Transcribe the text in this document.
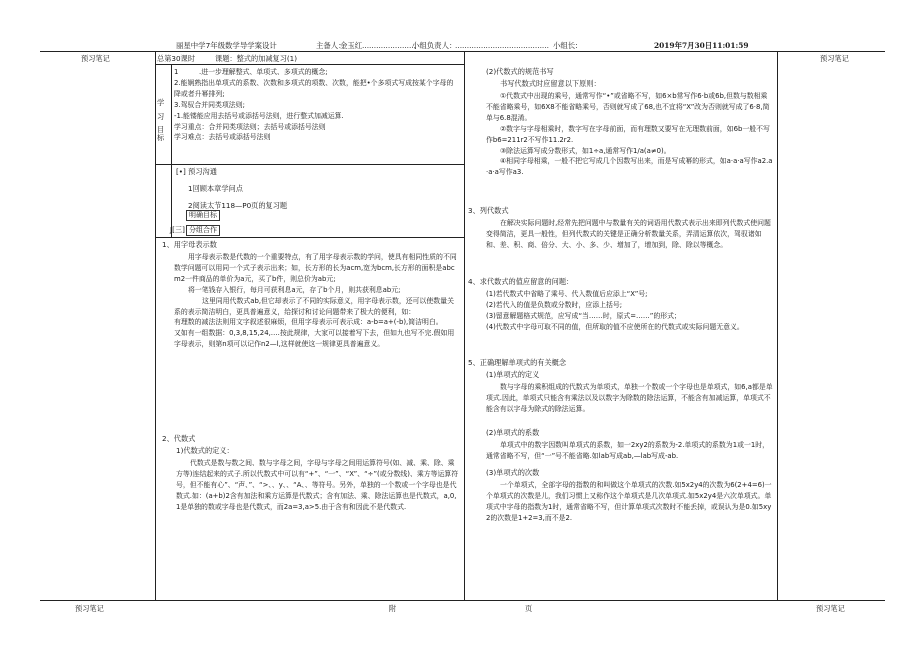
丽星中学7年级数学导学案设计	主备人：
金玉红 .......................
小组负责人：
........................................ 小组长:	2019年7月30日11:01:59
预习笔记	预习笔记
预习笔记	附	页	预习笔记
总第30课时	课题：整式的加减复习(1)
学
习
目
标

1　　　.进一步理解整式、单项式、多项式的概念;

2.能娴熟指出单项式的系数、次数和多项式的项数、次数，能把•个多项式写成按某个字母的降或者升幂排列;

3.驾驭合并同类项法则;

-1.能镂能应用去括号或添括号法则，进行整式加减运算.

学习重点：合并同类项法则；去括号或添括号法则

学习难点：去括号或添括号法则

[•] 预习沟通
1回顾本章学问点
2阅读太节118—P0页的复习题
明确目标
J[三] 分组合作
1、用字母表示数

用字母表示数是代数的一个重要特点，有了用字母表示数的学问，使具有相同性质的不同数学问题可以用同一个式子表示出来；如，长方形的长为acm,宽为bcm,长方形的面积是abcm2一件商品的单价为a元，买了b件，则总价为ab元;

将一笔钱存入银行，每月可获利息a元，存了b个月，则共获利息ab元;

这里同用代数式ab,但它却表示了不同的实际意义，用字母表示数，还可以使数量关系的表示简洁明白，更具普遍意义，给探讨和讨论问题带来了极大的便利，如：

有理数的减法法则用文字叙述很麻烦，但用字母表示可表示成：a-b=a+(-b),简洁明白。

又如有一组数据：0,3,8,15,24,….按此规律，大家可以接着写下去，但如九也写不完.假如用字母表示，则第n项可以记作n2—l,这样就使这一规律更具普遍意义。

2、代数式
1)代数式的定义：

代数式是数与数之间、数与字母之间，字母与字母之间用运算符号(如、减、乘、除、乘方等)连结起来的式子.所以代数式中可以有“+”、“一”、“X”、“÷”(或分数线)、乘方等运算符号，但不能有心”、“声、”、“>、、y、、“A、、等符号。另外，单独的一个数或一个字母也是代数式.如：(a+b)2含有加法和乘方运算是代数式；含有加法、乘、除法运算也是代数式，a,0,1是单独的数或字母也是代数式，而2a=3,a>5.由于含有和因此不是代数式.

(2)代数式的规范书写
书写代数式时应留意以下原则：

①代数式中出现的乘号，通常写作“•”或省略不写，如6×b常写作6·b或6b,但数与数相乘不能省略乘号，如6X8不能省略乘号，否则就写成了68,也不宜将“X”改为否则就写成了6·8,简单与6.8混淆。

②数字与字母相乘时，数字写在字母前面，而有理数又要写在无理数前面，如6b一般不写作b6=211r2不写作11.2r2.

③除法运算写成分数形式，如1÷a,通常写作1/a(a≠0)。

④相同字母相乘，一般不把它写成几个因数写出来，而是写成幂的形式，如a·a·a写作a2.a·a·a写作a3.

3、列代数式
在解决实际问题时,经常先把问题中与数量有关的词语用代数式表示出来即列代数式使问题变得简洁，更具一般性，但列代数式的关键是正确分析数量关系，弄清运算依次，驾驭诸如和、差、积、商、倍分、大、小、多、少、增加了，增加到，除、除以等概念。
4、求代数式的值应留意的问题：

(1)若代数式中省略了乘号、代入数值后应添上“X”号;

(2)若代入的值是负数或分数时，应添上括号;

(3)留意解题格式规范，应写成“当……时，原式=……”的形式；

(4)代数式中字母可取不同的值，但所取的值不应使所在的代数式或实际问题无意义。

5、正确理解单项式的有关概念
(1)单项式的定义
数与字母的乘积组成的代数式为单项式，单独一个数或一个字母也是单项式，如6,a都是单项式.因此，单项式只能含有乘法以及以数字为除数的除法运算，不能含有加减运算，单项式不能含有以字母为除式的除法运算。
(2)单项式的系数
单项式中的数字因数叫单项式的系数，如一2xy2的系数为-2.单项式的系数为1或一1时，通常省略不写，但“一”号不能省略.如lab写成ab,—lab写成-ab.
(3)单项式的次数
一个单项式，全部字母的指数的和叫做这个单项式的次数.如5x2y4的次数为6(2+4=6)一个单项式的次数是儿，我们习惯上又称作这个单项式是几次单项式.如5x2y4是六次单项式。单项式中字母的指数为1时，通常省略不写，但计算单项式次数时不能丢掉，或误认为是0.如5xy2的次数是1+2=3,而不是2.
